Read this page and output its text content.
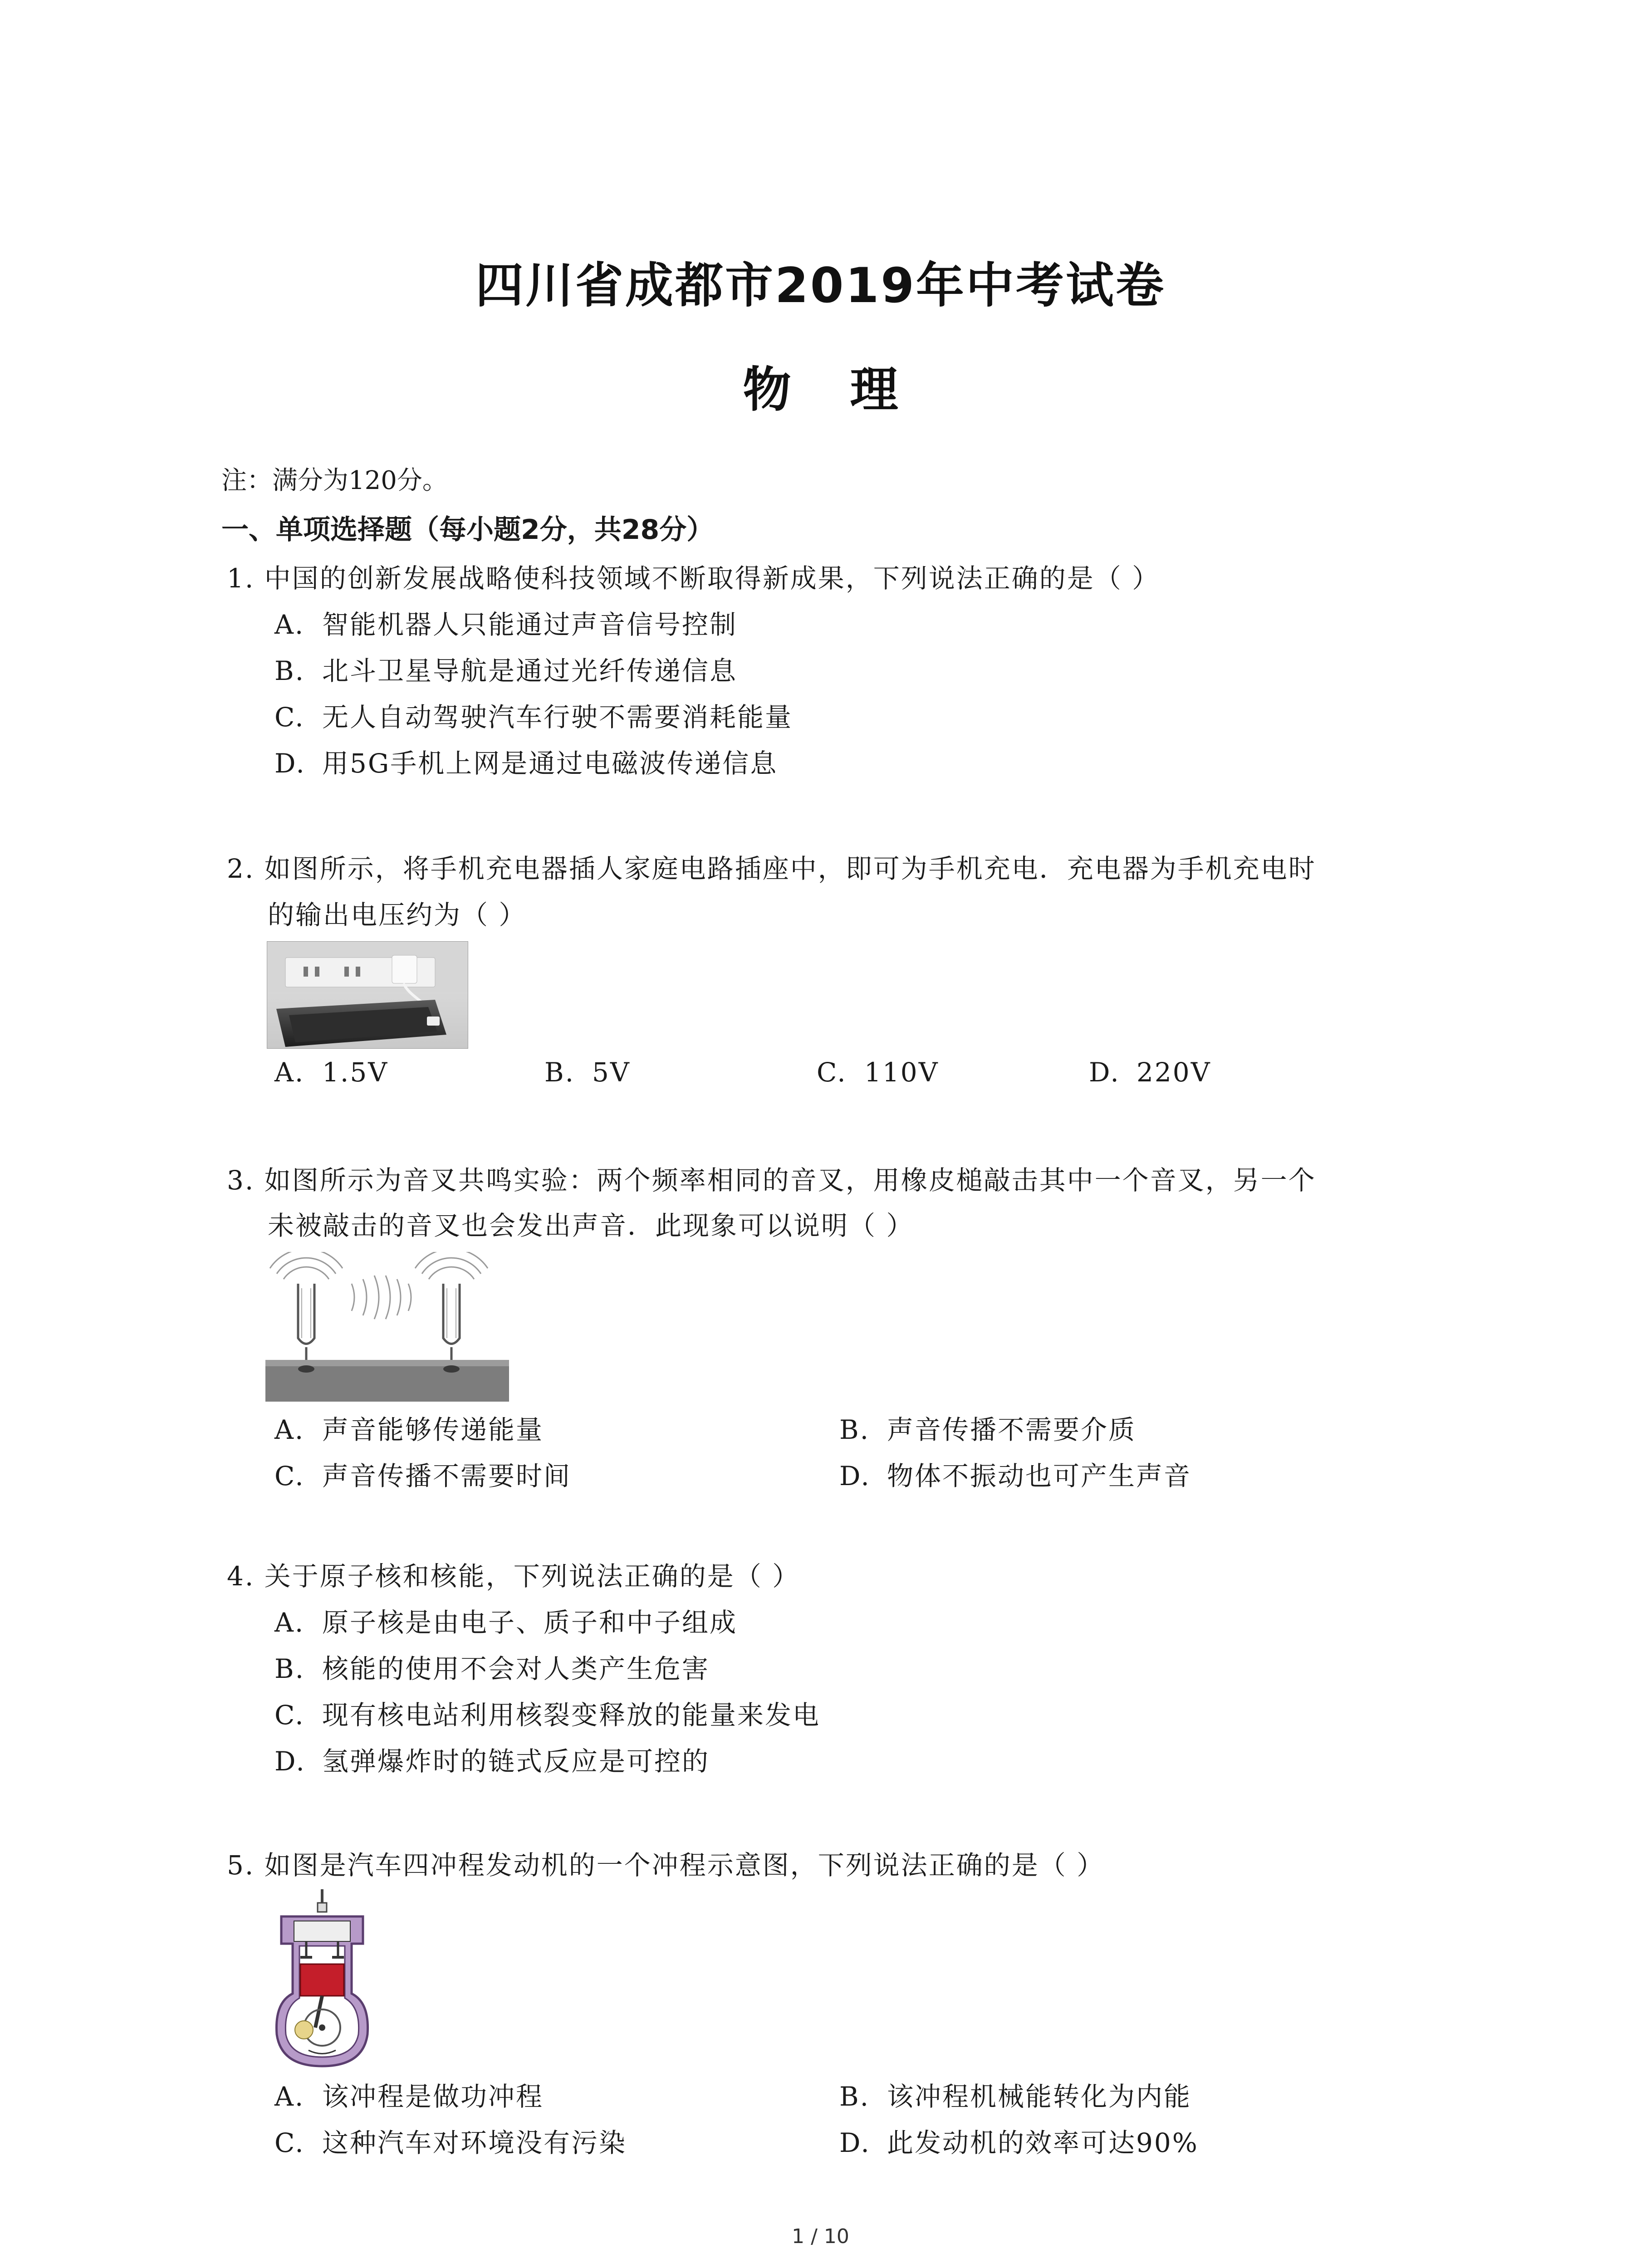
四川省成都市2019年中考试卷
物理
注：满分为120分。
一、单项选择题（每小题2分，共28分）
1. 中国的创新发展战略使科技领域不断取得新成果，下列说法正确的是（ ）
A. 智能机器人只能通过声音信号控制
B. 北斗卫星导航是通过光纤传递信息
C. 无人自动驾驶汽车行驶不需要消耗能量
D. 用5G手机上网是通过电磁波传递信息
2. 如图所示，将手机充电器插人家庭电路插座中，即可为手机充电．充电器为手机充电时
的输出电压约为（ ）
A. 1.5V	B. 5V	C. 110V	D. 220V
3. 如图所示为音叉共鸣实验：两个频率相同的音叉，用橡皮槌敲击其中一个音叉，另一个
未被敲击的音叉也会发出声音．此现象可以说明（ ）
A. 声音能够传递能量	B. 声音传播不需要介质
C. 声音传播不需要时间	D. 物体不振动也可产生声音
4. 关于原子核和核能，下列说法正确的是（ ）
A. 原子核是由电子、质子和中子组成
B. 核能的使用不会对人类产生危害
C. 现有核电站利用核裂变释放的能量来发电
D. 氢弹爆炸时的链式反应是可控的
5. 如图是汽车四冲程发动机的一个冲程示意图，下列说法正确的是（ ）
A. 该冲程是做功冲程	B. 该冲程机械能转化为内能
C. 这种汽车对环境没有污染	D. 此发动机的效率可达90%
1 / 10
